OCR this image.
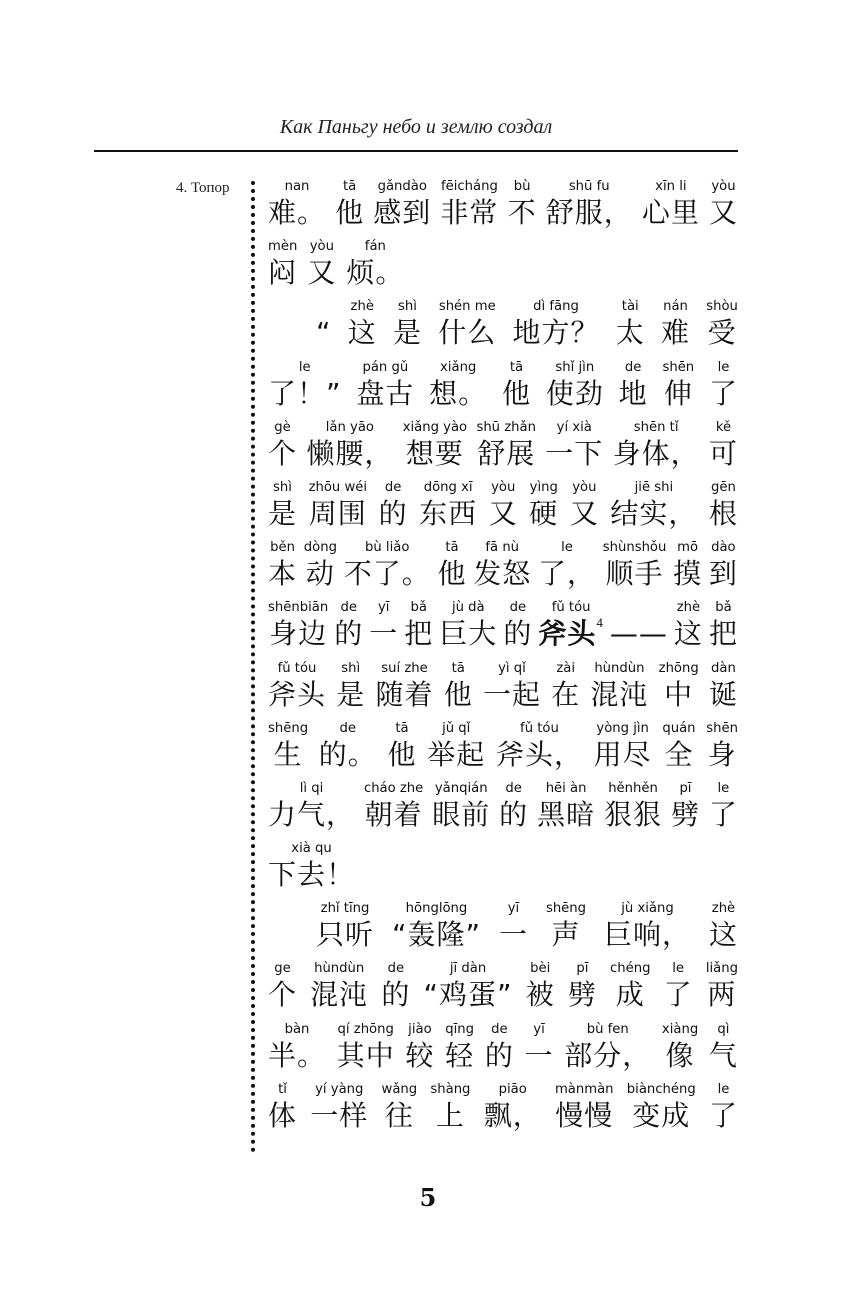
Как Паньгу небо и землю создал
4. Топор	nan
难。
tā
他
gǎndào
感到
fēicháng
非常
bù
不
shū fu
舒服，
xīn li
心里
yòu
又
mèn
闷
yòu
又
fán
烦。
“
zhè
这
shì
是
shén me
什么
dì fāng
地方？
tài
太
nán
难
shòu
受
le
了！”
pán gǔ
盘古
xiǎng
想。
tā
他
shǐ jìn
使劲
de
地
shēn
伸
le
了
gè
个
lǎn yāo
懒腰，
xiǎng yào
想要
shū zhǎn
舒展
yí xià
一下
shēn tǐ
身体，
kě
可
shì
是
zhōu wéi
周围
de
的
dōng xī
东西
yòu
又
yìng
硬
yòu
又
jiē shi
结实，
gēn
根
běn
本
dòng
动
bù liǎo
不了。
tā
他
fā nù
发怒
le
了，
shùnshǒu
顺手
mō
摸
dào
到
shēnbiān
身边
de
的
yī
一
bǎ
把
jù dà
巨大
de
的
fǔ tóu
斧头$^4$ ——
zhè
这
bǎ
把
fǔ tóu
斧头
shì
是
suí zhe
随着
tā
他
yì qǐ
一起
zài
在
hùndùn
混沌
zhōng
中
dàn
诞
shēng
生
de
的。
tā
他
jǔ qǐ
举起
fǔ tóu
斧头，
yòng jìn
用尽
quán
全
shēn
身
lì qi
力气，
cháo zhe
朝着
yǎnqián
眼前
de
的
hēi àn
黑暗
hěnhěn
狠狠
pī
劈
le
了
xià qu
下去！
zhǐ tīng
只听
hōnglōng
“轰隆”
yī
一
shēng
声
jù xiǎng
巨响，
zhè
这
ge
个
hùndùn
混沌
de
的
jī dàn
“鸡蛋”
bèi
被
pī
劈
chéng
成
le
了
liǎng
两
bàn
半。
qí zhōng
其中
jiào
较
qīng
轻
de
的
yī
一
bù fen
部分，
xiàng
像
qì
气
tǐ
体
yí yàng
一样
wǎng
往
shàng
上
piāo
飘，
mànmàn
慢慢
biànchéng
变成
le
了
5
